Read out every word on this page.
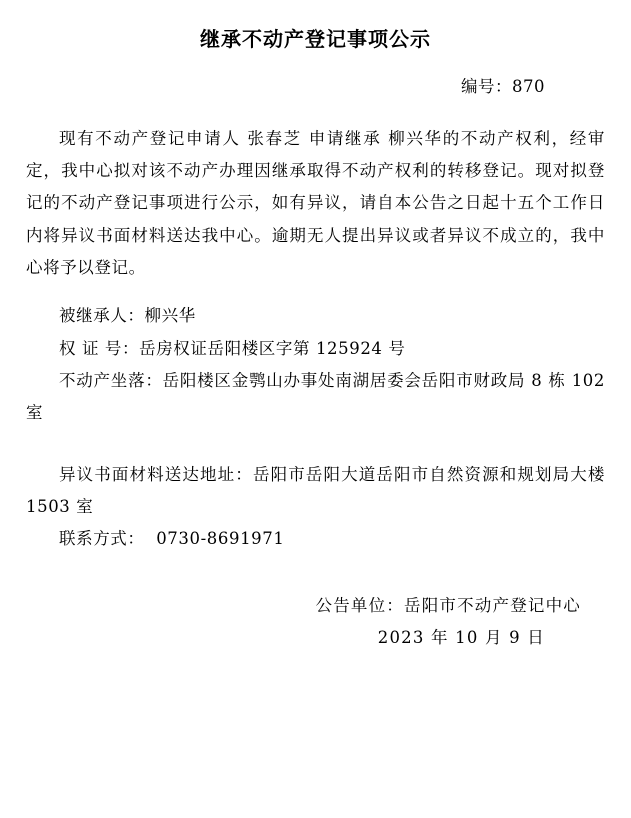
继承不动产登记事项公示
编号：870

现有不动产登记申请人 张春芝 申请继承 柳兴华的不动产权利，经审定，我中心拟对该不动产办理因继承取得不动产权利的转移登记。现对拟登记的不动产登记事项进行公示，如有异议，请自本公告之日起十五个工作日内将异议书面材料送达我中心。逾期无人提出异议或者异议不成立的，我中心将予以登记。

被继承人：柳兴华
权 证 号：岳房权证岳阳楼区字第 125924 号
不动产坐落：岳阳楼区金鹗山办事处南湖居委会岳阳市财政局 8 栋 102 室
异议书面材料送达地址：岳阳市岳阳大道岳阳市自然资源和规划局大楼 1503 室
联系方式： 0730-8691971
公告单位：岳阳市不动产登记中心
2023 年 10 月 9 日
